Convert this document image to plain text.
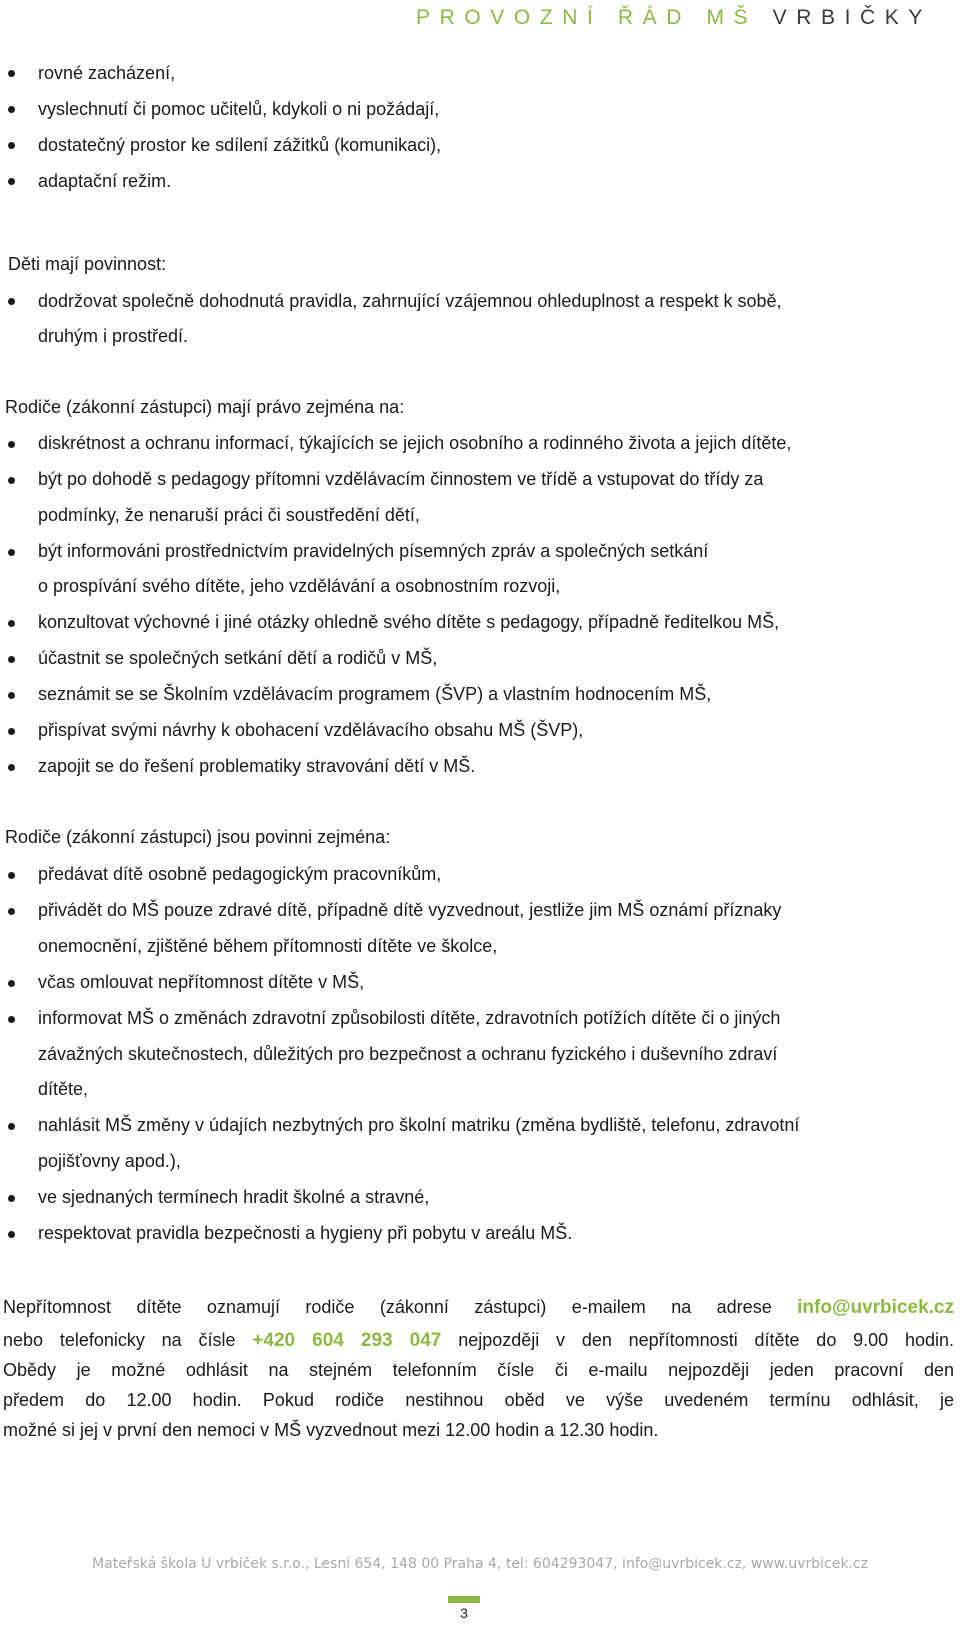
PROVOZNÍ ŘÁD MŠ VRBIČKY
rovné zacházení,
vyslechnutí či pomoc učitelů, kdykoli o ni požádají,
dostatečný prostor ke sdílení zážitků (komunikaci),
adaptační režim.
Děti mají povinnost:
dodržovat společně dohodnutá pravidla, zahrnující vzájemnou ohleduplnost a respekt k sobě,
druhým i prostředí.
Rodiče (zákonní zástupci) mají právo zejména na:
diskrétnost a ochranu informací, týkajících se jejich osobního a rodinného života a jejich dítěte,
být po dohodě s pedagogy přítomni vzdělávacím činnostem ve třídě a vstupovat do třídy za
podmínky, že nenaruší práci či soustředění dětí,
být informováni prostřednictvím pravidelných písemných zpráv a společných setkání
o prospívání svého dítěte, jeho vzdělávání a osobnostním rozvoji,
konzultovat výchovné i jiné otázky ohledně svého dítěte s pedagogy, případně ředitelkou MŠ,
účastnit se společných setkání dětí a rodičů v MŠ,
seznámit se se Školním vzdělávacím programem (ŠVP) a vlastním hodnocením MŠ,
přispívat svými návrhy k obohacení vzdělávacího obsahu MŠ (ŠVP),
zapojit se do řešení problematiky stravování dětí v MŠ.
Rodiče (zákonní zástupci) jsou povinni zejména:
předávat dítě osobně pedagogickým pracovníkům,
přivádět do MŠ pouze zdravé dítě, případně dítě vyzvednout, jestliže jim MŠ oznámí příznaky
onemocnění, zjištěné během přítomnosti dítěte ve školce,
včas omlouvat nepřítomnost dítěte v MŠ,
informovat MŠ o změnách zdravotní způsobilosti dítěte, zdravotních potížích dítěte či o jiných
závažných skutečnostech, důležitých pro bezpečnost a ochranu fyzického i duševního zdraví
dítěte,
nahlásit MŠ změny v údajích nezbytných pro školní matriku (změna bydliště, telefonu, zdravotní
pojišťovny apod.),
ve sjednaných termínech hradit školné a stravné,
respektovat pravidla bezpečnosti a hygieny při pobytu v areálu MŠ.
Nepřítomnost dítěte oznamují rodiče (zákonní zástupci) e-mailem na adrese info@uvrbicek.cz
nebo telefonicky na čísle +420 604 293 047 nejpozději v den nepřítomnosti dítěte do 9.00 hodin.
Obědy je možné odhlásit na stejném telefonním čísle či e-mailu nejpozději jeden pracovní den
předem do 12.00 hodin. Pokud rodiče nestihnou oběd ve výše uvedeném termínu odhlásit, je
možné si jej v první den nemoci v MŠ vyzvednout mezi 12.00 hodin a 12.30 hodin.
Mateřská škola U vrbiček s.r.o., Lesní 654, 148 00 Praha 4, tel: 604293047, info@uvrbicek.cz, www.uvrbicek.cz
3
